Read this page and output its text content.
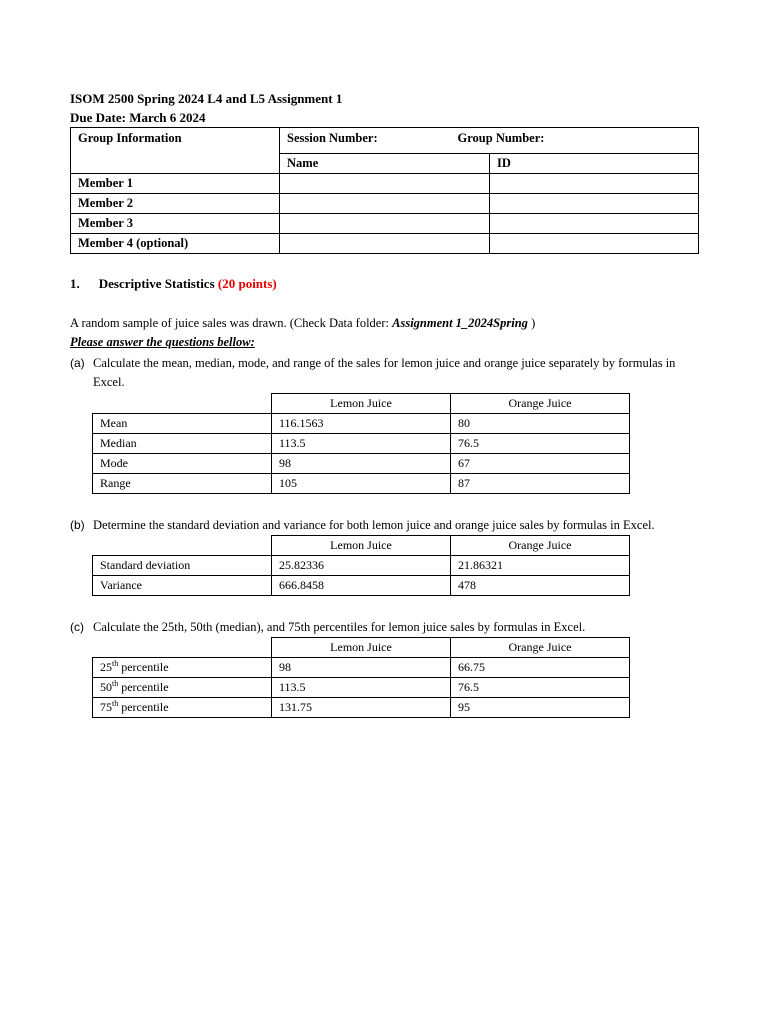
ISOM 2500 Spring 2024 L4 and L5 Assignment 1
Due Date: March 6 2024
Group Information	Session Number: Group Number:	

	Name	ID
Member 1		
Member 2		
Member 3		
Member 4 (optional)		
1. Descriptive Statistics (20 points)
A random sample of juice sales was drawn. (Check Data folder: Assignment 1_2024Spring )
Please answer the questions bellow:
(a) Calculate the mean, median, mode, and range of the sales for lemon juice and orange juice separately by formulas in
Excel.
	Lemon Juice	Orange Juice
Mean	116.1563	80
Median	113.5	76.5
Mode	98	67
Range	105	87
(b) Determine the standard deviation and variance for both lemon juice and orange juice sales by formulas in Excel.
	Lemon Juice	Orange Juice
Standard deviation	25.82336	21.86321
Variance	666.8458	478
(c) Calculate the 25th, 50th (median), and 75th percentiles for lemon juice sales by formulas in Excel.
	Lemon Juice	Orange Juice
25th percentile	98	66.75
50th percentile	113.5	76.5
75th percentile	131.75	95
